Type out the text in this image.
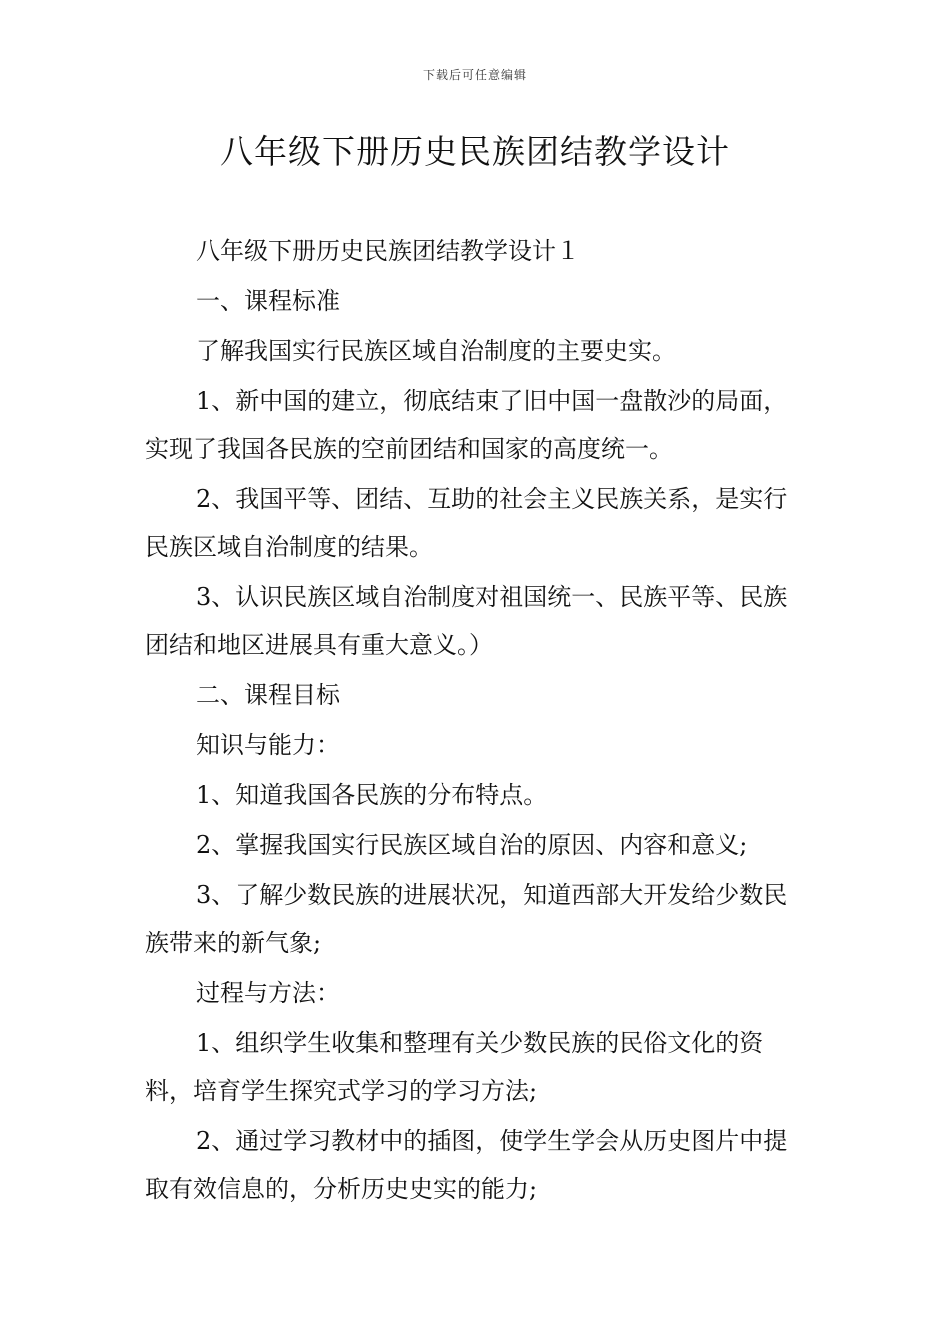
下载后可任意编辑
八年级下册历史民族团结教学设计

八年级下册历史民族团结教学设计１

一、课程标准

了解我国实行民族区域自治制度的主要史实。

1、新中国的建立，彻底结束了旧中国一盘散沙的局面，实现了我国各民族的空前团结和国家的高度统一。

2、我国平等、团结、互助的社会主义民族关系，是实行民族区域自治制度的结果。

3、认识民族区域自治制度对祖国统一、民族平等、民族团结和地区进展具有重大意义。）

二、课程目标

知识与能力：

1、知道我国各民族的分布特点。

2、掌握我国实行民族区域自治的原因、内容和意义;

3、了解少数民族的进展状况，知道西部大开发给少数民族带来的新气象;

过程与方法：

1、组织学生收集和整理有关少数民族的民俗文化的资料，培育学生探究式学习的学习方法;

2、通过学习教材中的插图，使学生学会从历史图片中提取有效信息的，分析历史史实的能力;
